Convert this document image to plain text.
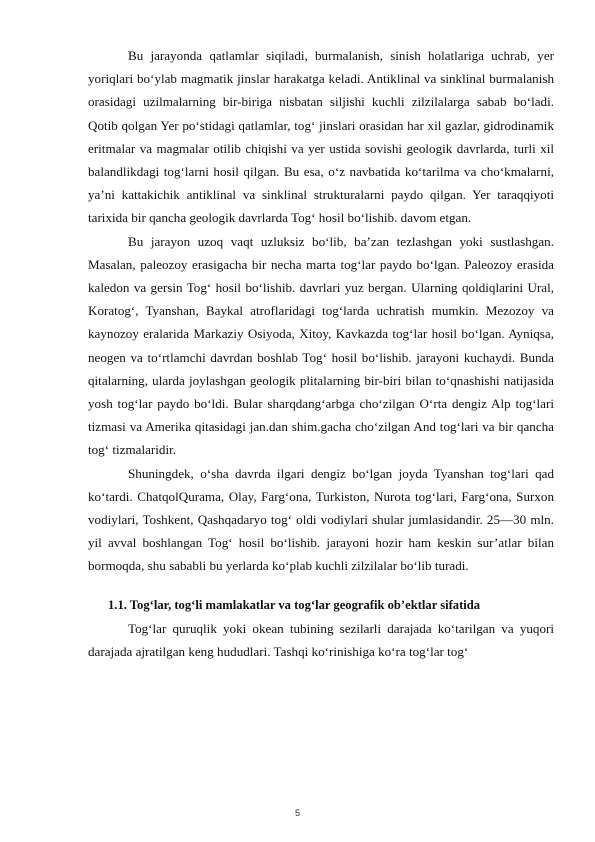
Bu jarayonda qatlamlar siqiladi, burmalanish, sinish holatlariga uchrab, yer yoriqlari bo‘ylab magmatik jinslar harakatga keladi. Antiklinal va sinklinal burmalanish orasidagi uzilmalarning bir-biriga nisbatan siljishi kuchli zilzilalarga sabab bo‘ladi. Qotib qolgan Yer po‘stidagi qatlamlar, tog‘ jinslari orasidan har xil gazlar, gidrodinamik eritmalar va magmalar otilib chiqishi va yer ustida sovishi geologik davrlarda, turli xil balandlikdagi tog‘larni hosil qilgan. Bu esa, o‘z navbatida ko‘tarilma va cho‘kmalarni, ya’ni kattakichik antiklinal va sinklinal strukturalarni paydo qilgan. Yer taraqqiyoti tarixida bir qancha geologik davrlarda Tog‘ hosil bo‘lishib. davom etgan.

Bu jarayon uzoq vaqt uzluksiz bo‘lib, ba’zan tezlashgan yoki sustlashgan. Masalan, paleozoy erasigacha bir necha marta tog‘lar paydo bo‘lgan. Paleozoy erasida kaledon va gersin Tog‘ hosil bo‘lishib. davrlari yuz bergan. Ularning qoldiqlarini Ural, Koratog‘, Tyanshan, Baykal atroflaridagi tog‘larda uchratish mumkin. Mezozoy va kaynozoy eralarida Markaziy Osiyoda, Xitoy, Kavkazda tog‘lar hosil bo‘lgan. Ayniqsa, neogen va to‘rtlamchi davrdan boshlab Tog‘ hosil bo‘lishib. jarayoni kuchaydi. Bunda qitalarning, ularda joylashgan geologik plitalarning bir-biri bilan to‘qnashishi natijasida yosh tog‘lar paydo bo‘ldi. Bular sharqdang‘arbga cho‘zilgan O‘rta dengiz Alp tog‘lari tizmasi va Amerika qitasidagi jan.dan shim.gacha cho‘zilgan And tog‘lari va bir qancha tog‘ tizmalaridir.

Shuningdek, o‘sha davrda ilgari dengiz bo‘lgan joyda Tyanshan tog‘lari qad ko‘tardi. ChatqolQurama, Olay, Farg‘ona, Turkiston, Nurota tog‘lari, Farg‘ona, Surxon vodiylari, Toshkent, Qashqadaryo tog‘ oldi vodiylari shular jumlasidandir. 25—30 mln. yil avval boshlangan Tog‘ hosil bo‘lishib. jarayoni hozir ham keskin sur’atlar bilan bormoqda, shu sababli bu yerlarda ko‘plab kuchli zilzilalar bo‘lib turadi.

1.1. Tog‘lar, tog‘li mamlakatlar va tog‘lar geografik ob’ektlar sifatida

Tog‘lar quruqlik yoki okean tubining sezilarli darajada ko‘tarilgan va yuqori darajada ajratilgan keng hududlari. Tashqi ko‘rinishiga ko‘ra tog‘lar tog‘

5
